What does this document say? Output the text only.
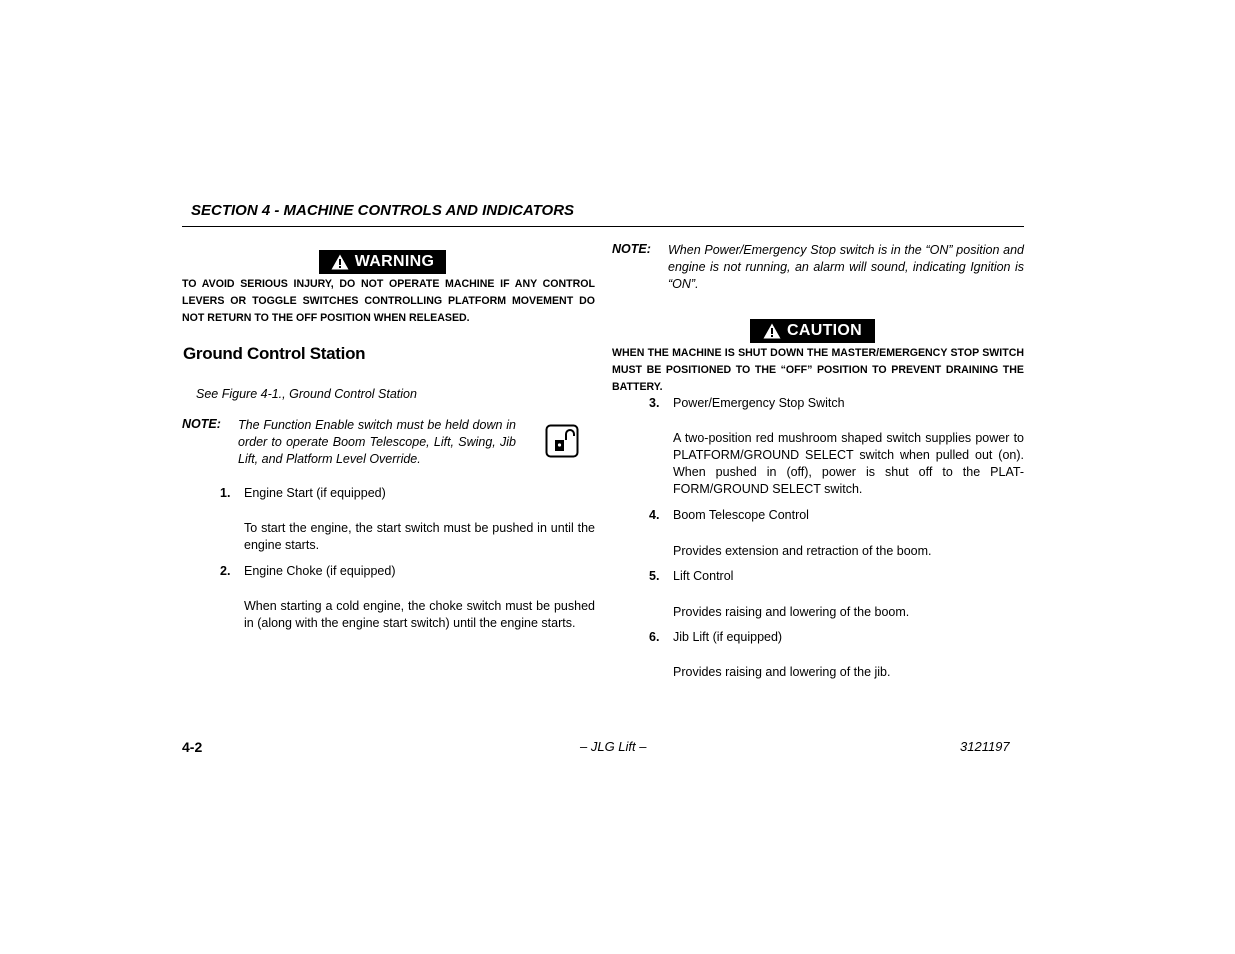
SECTION 4 - MACHINE CONTROLS AND INDICATORS
WARNING
TO AVOID SERIOUS INJURY, DO NOT OPERATE MACHINE IF ANY CONTROL LEVERS OR TOGGLE SWITCHES CONTROLLING PLATFORM MOVEMENT DO NOT RETURN TO THE OFF POSITION WHEN RELEASED.
Ground Control Station
See Figure 4-1., Ground Control Station
NOTE: The Function Enable switch must be held down in order to operate Boom Telescope, Lift, Swing, Jib Lift, and Platform Level Override.
1. Engine Start (if equipped)
To start the engine, the start switch must be pushed in until the engine starts.
2. Engine Choke (if equipped)
When starting a cold engine, the choke switch must be pushed in (along with the engine start switch) until the engine starts.
NOTE: When Power/Emergency Stop switch is in the “ON” position and engine is not running, an alarm will sound, indicating Ignition is “ON”.
CAUTION
WHEN THE MACHINE IS SHUT DOWN THE MASTER/EMERGENCY STOP SWITCH MUST BE POSITIONED TO THE “OFF” POSITION TO PREVENT DRAINING THE BATTERY.
3. Power/Emergency Stop Switch
A two-position red mushroom shaped switch supplies power to PLATFORM/GROUND SELECT switch when pulled out (on). When pushed in (off), power is shut off to the PLAT-FORM/GROUND SELECT switch.
4. Boom Telescope Control
Provides extension and retraction of the boom.
5. Lift Control
Provides raising and lowering of the boom.
6. Jib Lift (if equipped)
Provides raising and lowering of the jib.
4-2	– JLG Lift –	3121197
